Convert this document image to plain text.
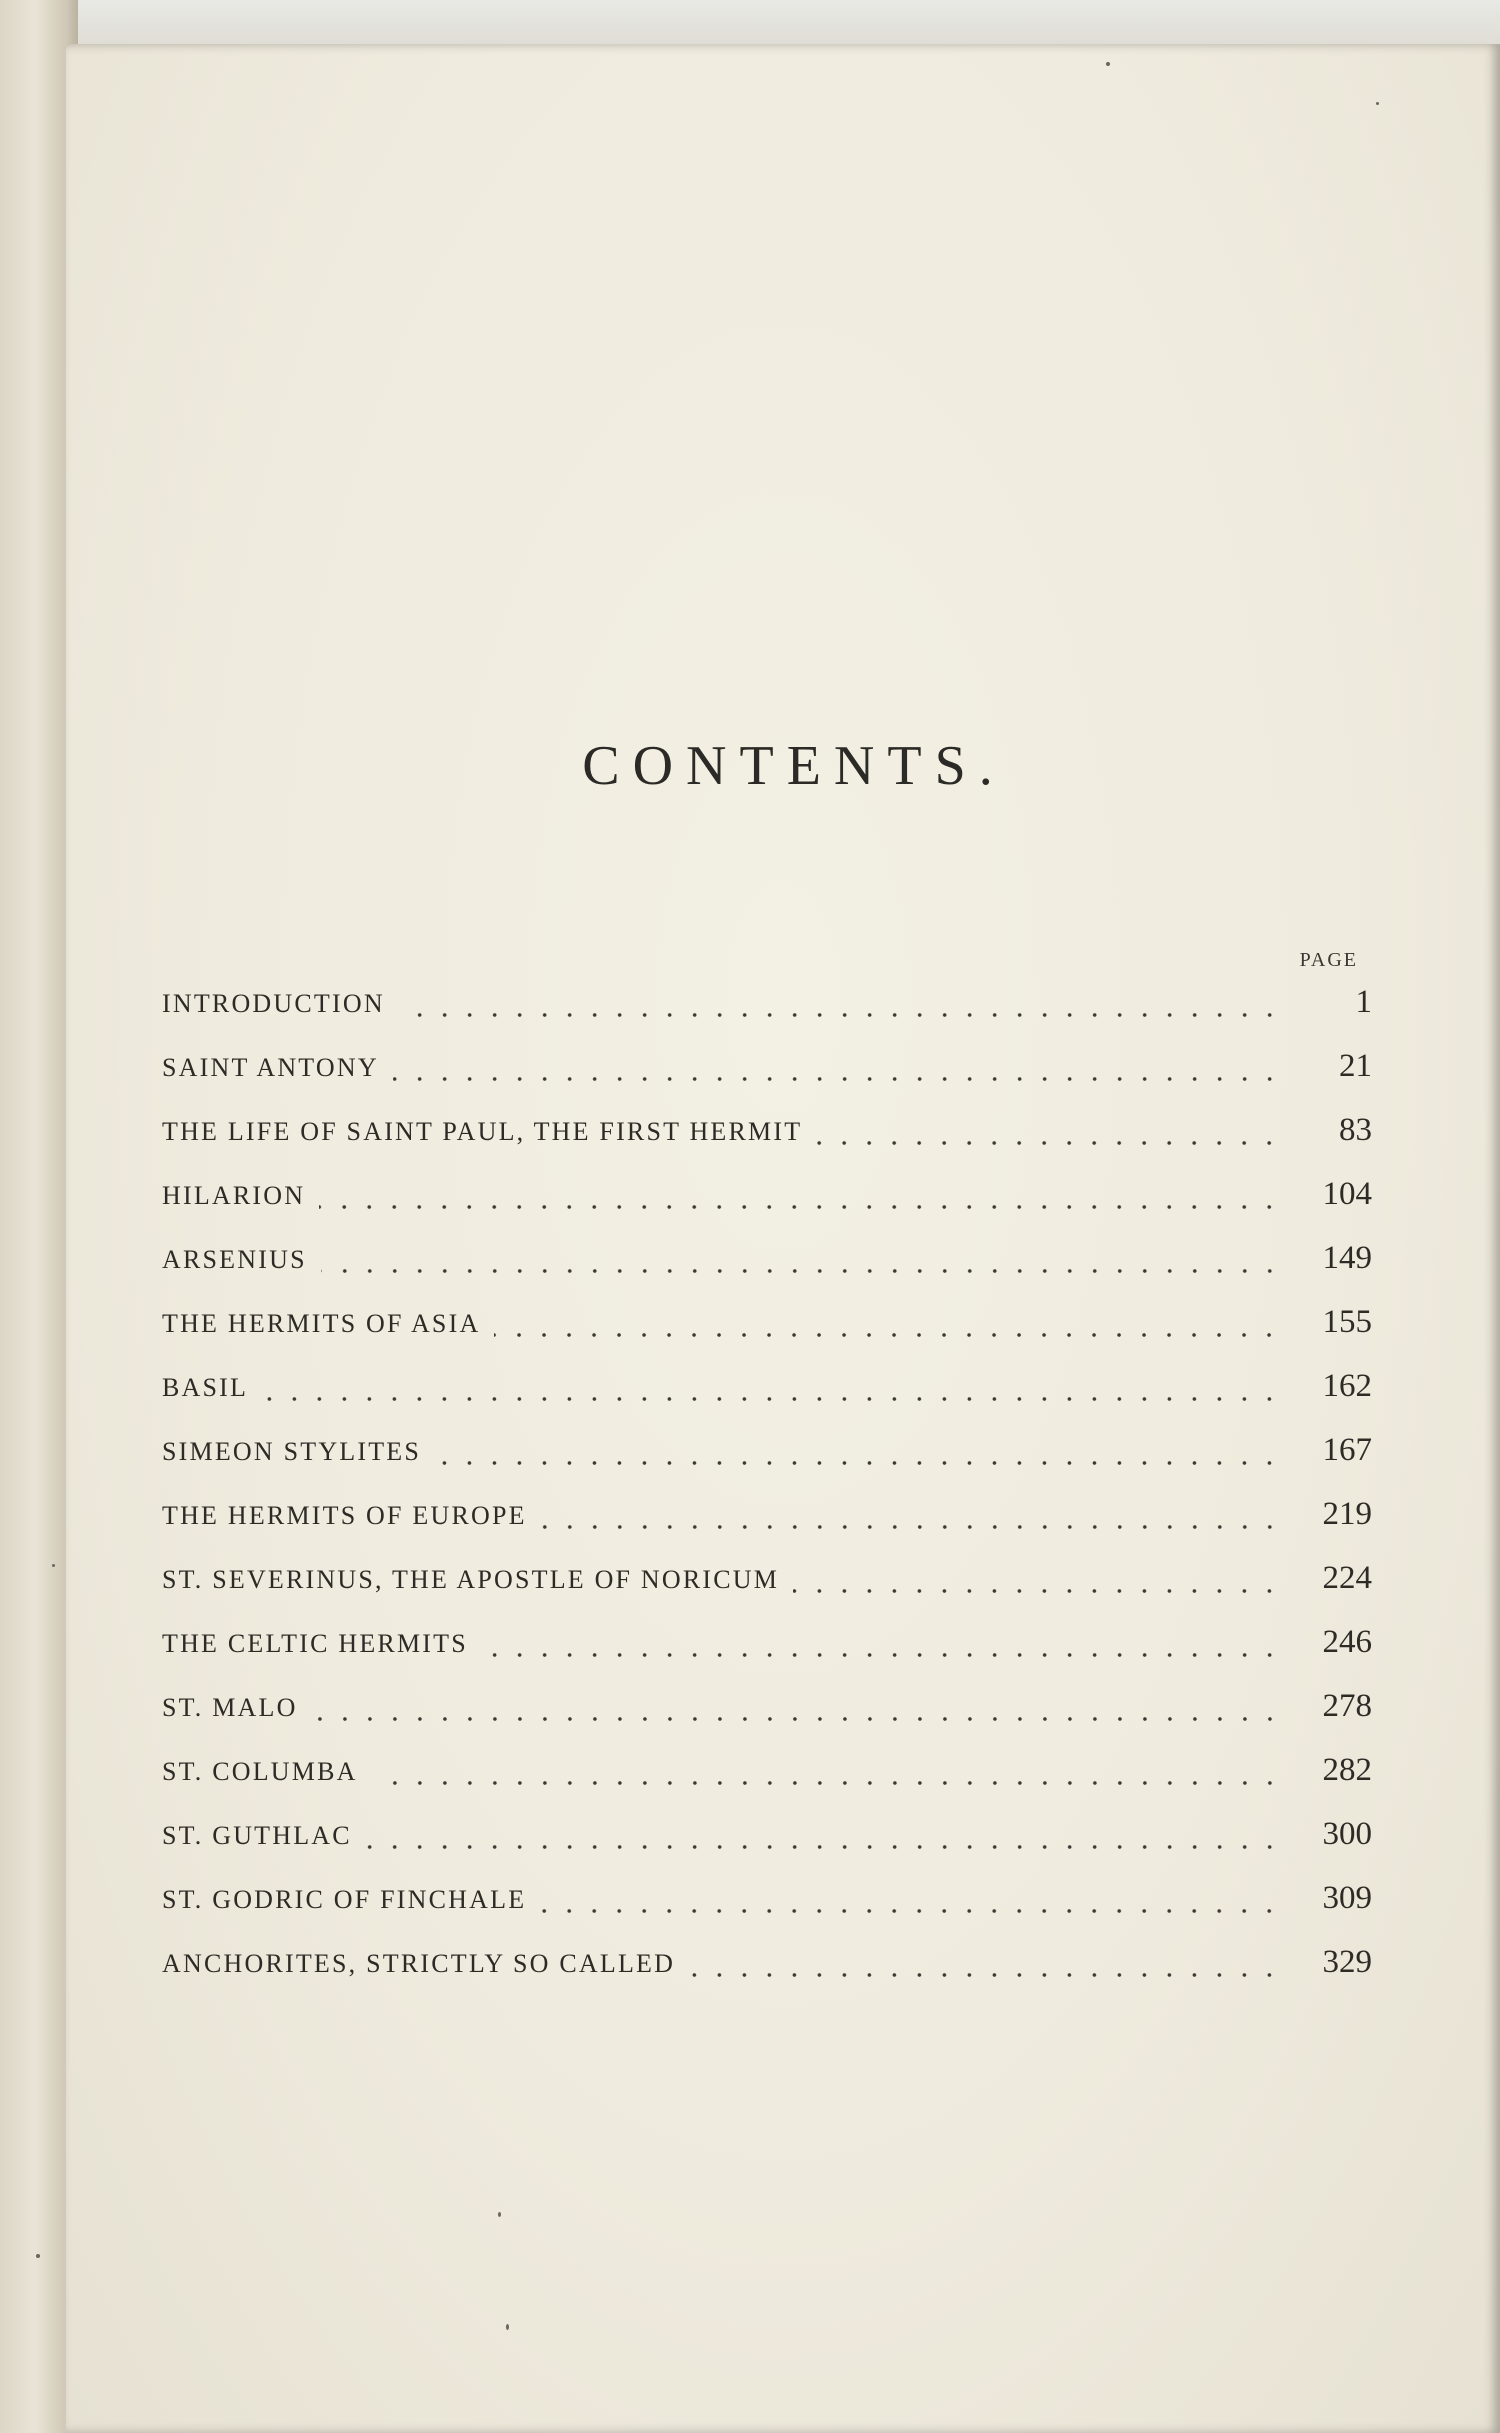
CONTENTS.
PAGE
INTRODUCTION	1
SAINT ANTONY	21
THE LIFE OF SAINT PAUL, THE FIRST HERMIT	83
HILARION	104
ARSENIUS	149
THE HERMITS OF ASIA	155
BASIL	162
SIMEON STYLITES	167
THE HERMITS OF EUROPE	219
ST. SEVERINUS, THE APOSTLE OF NORICUM	224
THE CELTIC HERMITS	246
ST. MALO	278
ST. COLUMBA	282
ST. GUTHLAC	300
ST. GODRIC OF FINCHALE	309
ANCHORITES, STRICTLY SO CALLED	329
